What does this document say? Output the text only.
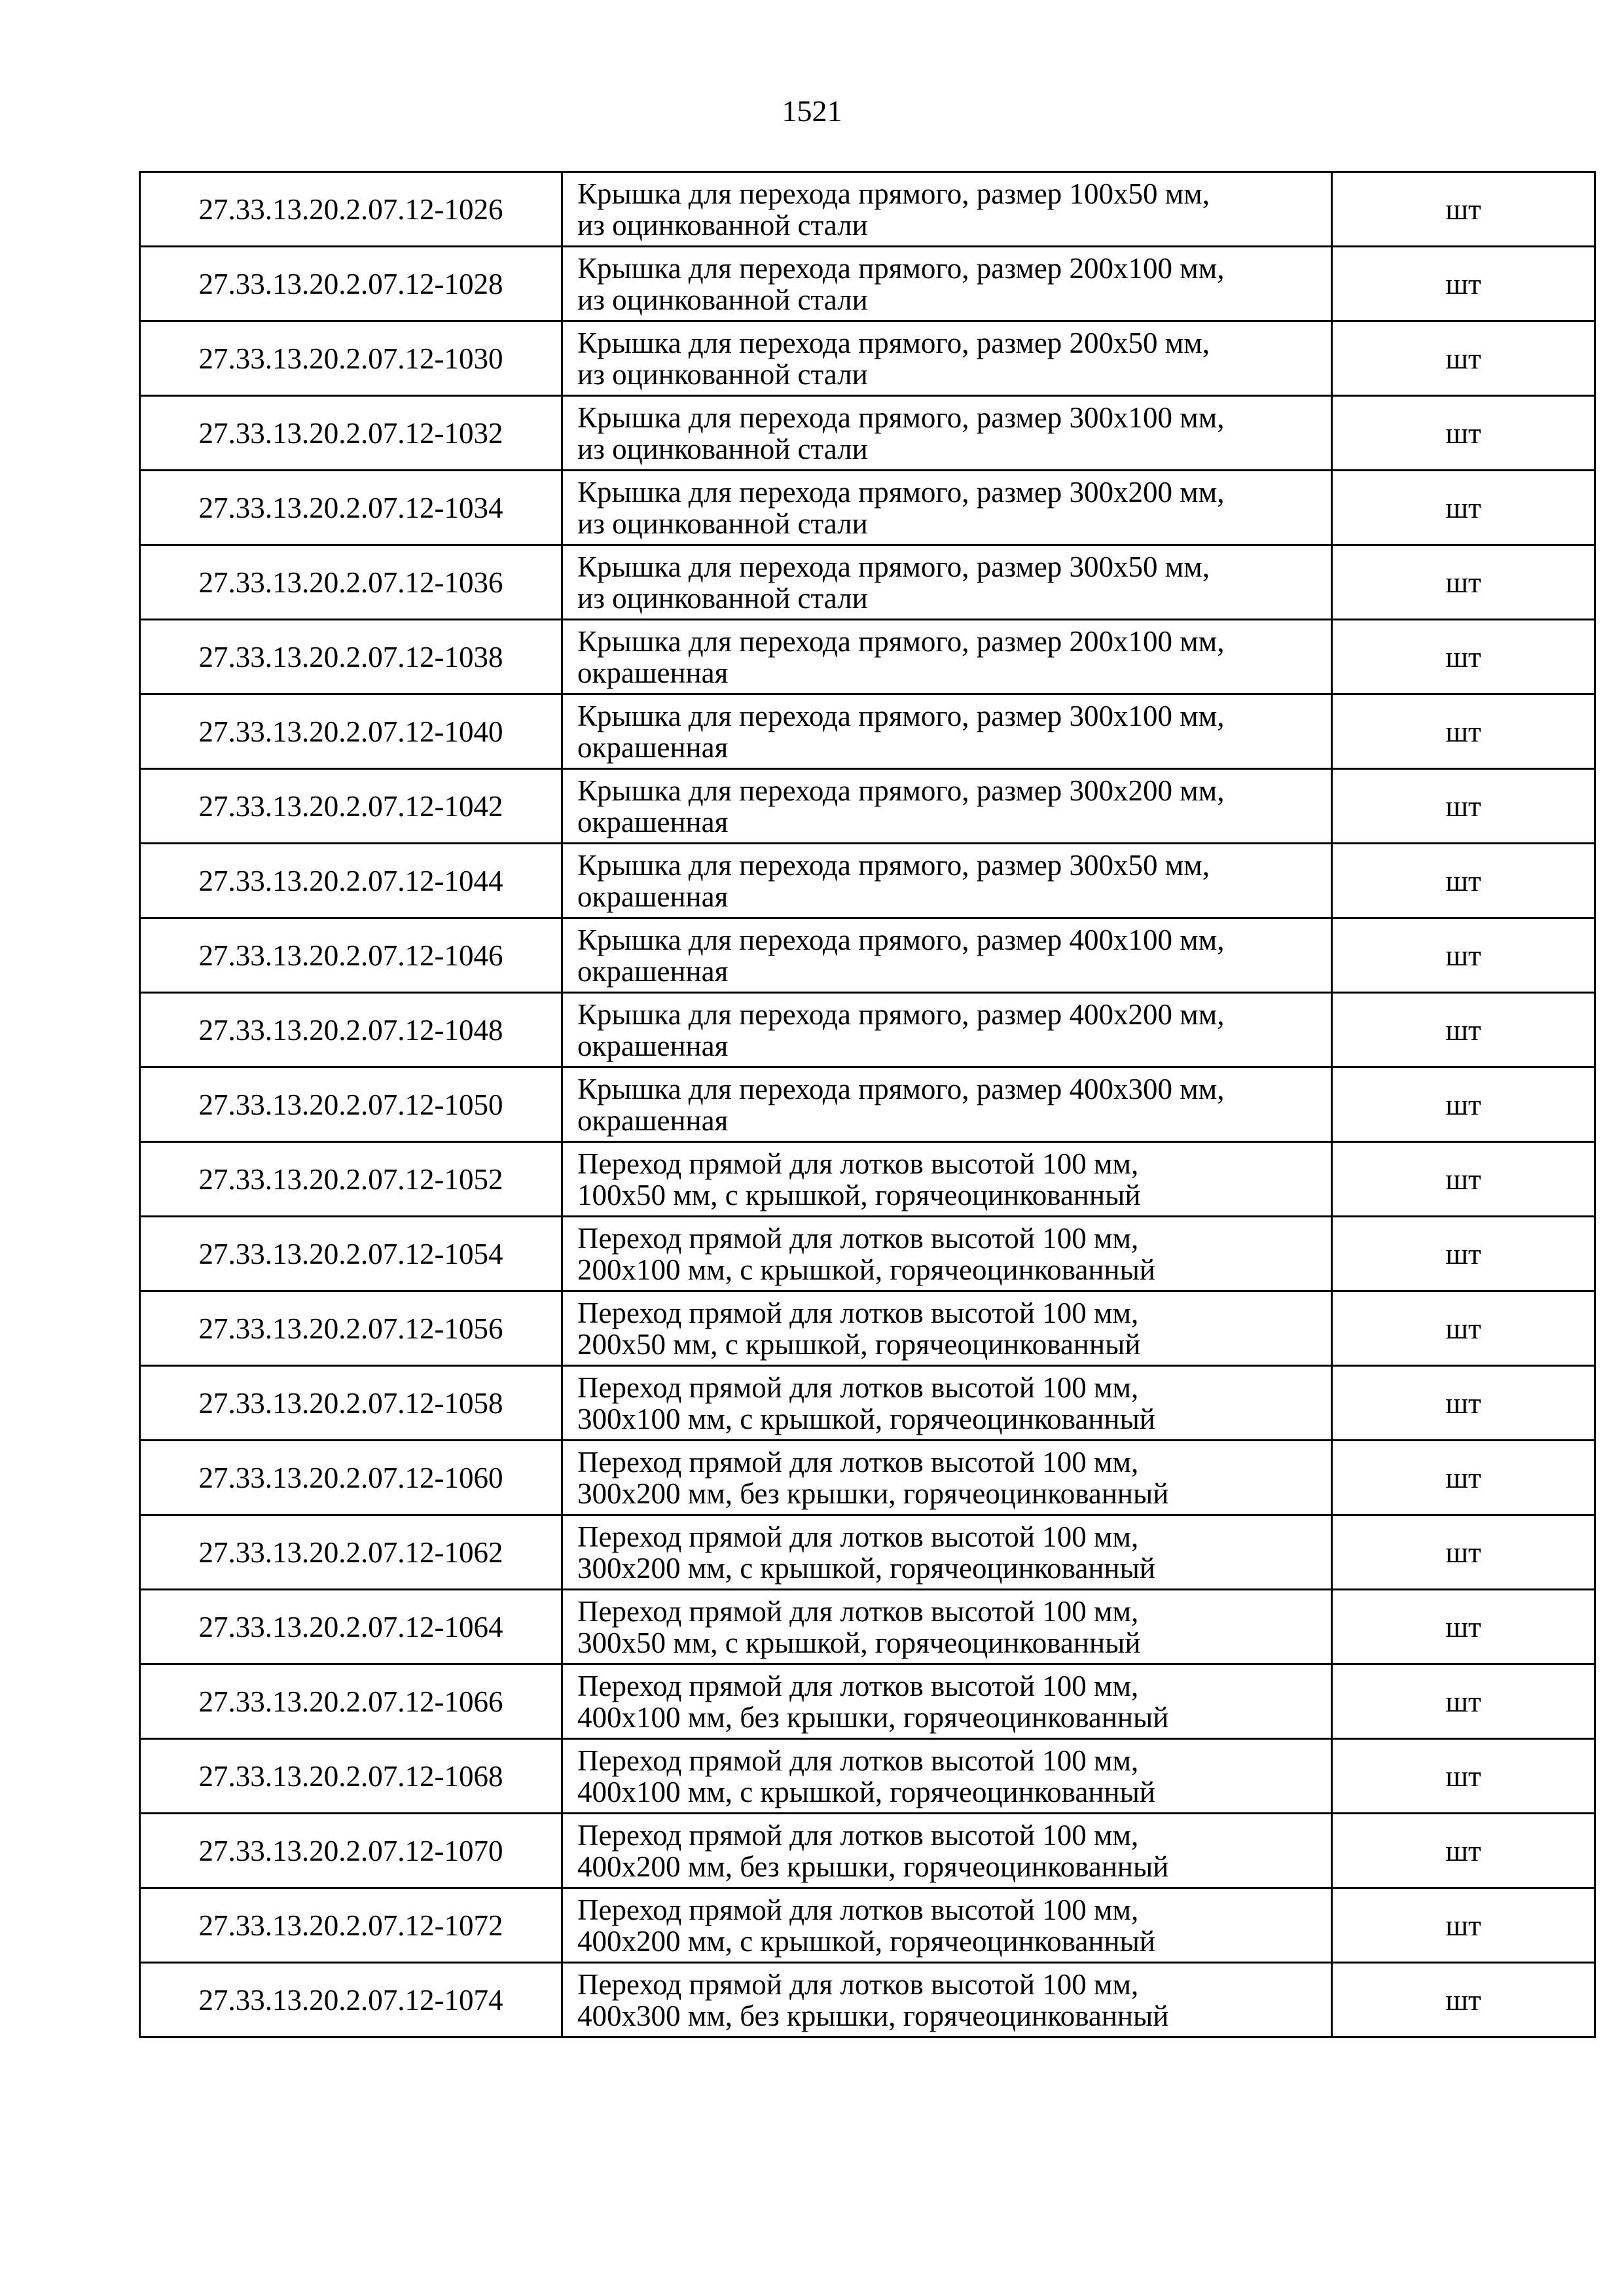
1521
27.33.13.20.2.07.12-1026	Крышка для перехода прямого, размер 100х50 мм,
из оцинкованной стали	шт
27.33.13.20.2.07.12-1028	Крышка для перехода прямого, размер 200х100 мм,
из оцинкованной стали	шт
27.33.13.20.2.07.12-1030	Крышка для перехода прямого, размер 200х50 мм,
из оцинкованной стали	шт
27.33.13.20.2.07.12-1032	Крышка для перехода прямого, размер 300х100 мм,
из оцинкованной стали	шт
27.33.13.20.2.07.12-1034	Крышка для перехода прямого, размер 300х200 мм,
из оцинкованной стали	шт
27.33.13.20.2.07.12-1036	Крышка для перехода прямого, размер 300х50 мм,
из оцинкованной стали	шт
27.33.13.20.2.07.12-1038	Крышка для перехода прямого, размер 200х100 мм,
окрашенная	шт
27.33.13.20.2.07.12-1040	Крышка для перехода прямого, размер 300х100 мм,
окрашенная	шт
27.33.13.20.2.07.12-1042	Крышка для перехода прямого, размер 300х200 мм,
окрашенная	шт
27.33.13.20.2.07.12-1044	Крышка для перехода прямого, размер 300х50 мм,
окрашенная	шт
27.33.13.20.2.07.12-1046	Крышка для перехода прямого, размер 400х100 мм,
окрашенная	шт
27.33.13.20.2.07.12-1048	Крышка для перехода прямого, размер 400х200 мм,
окрашенная	шт
27.33.13.20.2.07.12-1050	Крышка для перехода прямого, размер 400х300 мм,
окрашенная	шт
27.33.13.20.2.07.12-1052	Переход прямой для лотков высотой 100 мм,
100х50 мм, с крышкой, горячеоцинкованный	шт
27.33.13.20.2.07.12-1054	Переход прямой для лотков высотой 100 мм,
200х100 мм, с крышкой, горячеоцинкованный	шт
27.33.13.20.2.07.12-1056	Переход прямой для лотков высотой 100 мм,
200х50 мм, с крышкой, горячеоцинкованный	шт
27.33.13.20.2.07.12-1058	Переход прямой для лотков высотой 100 мм,
300х100 мм, с крышкой, горячеоцинкованный	шт
27.33.13.20.2.07.12-1060	Переход прямой для лотков высотой 100 мм,
300х200 мм, без крышки, горячеоцинкованный	шт
27.33.13.20.2.07.12-1062	Переход прямой для лотков высотой 100 мм,
300х200 мм, с крышкой, горячеоцинкованный	шт
27.33.13.20.2.07.12-1064	Переход прямой для лотков высотой 100 мм,
300х50 мм, с крышкой, горячеоцинкованный	шт
27.33.13.20.2.07.12-1066	Переход прямой для лотков высотой 100 мм,
400х100 мм, без крышки, горячеоцинкованный	шт
27.33.13.20.2.07.12-1068	Переход прямой для лотков высотой 100 мм,
400х100 мм, с крышкой, горячеоцинкованный	шт
27.33.13.20.2.07.12-1070	Переход прямой для лотков высотой 100 мм,
400х200 мм, без крышки, горячеоцинкованный	шт
27.33.13.20.2.07.12-1072	Переход прямой для лотков высотой 100 мм,
400х200 мм, с крышкой, горячеоцинкованный	шт
27.33.13.20.2.07.12-1074	Переход прямой для лотков высотой 100 мм,
400х300 мм, без крышки, горячеоцинкованный	шт
